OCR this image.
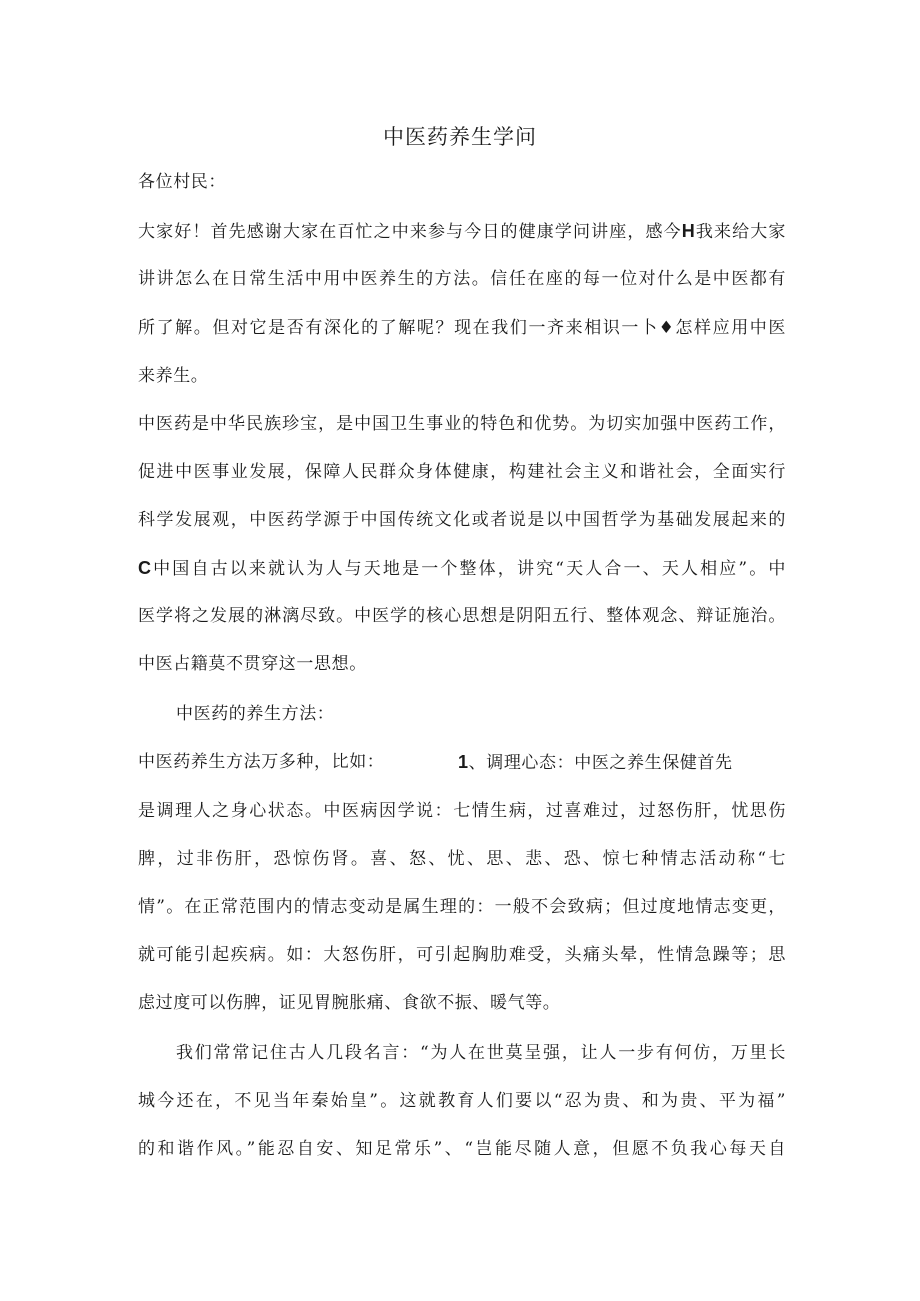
中医药养生学问
各位村民：
大家好！首先感谢大家在百忙之中来参与今日的健康学问讲座，感今H我来给大家
讲讲怎么在日常生活中用中医养生的方法。信任在座的每一位对什么是中医都有
所了解。但对它是否有深化的了解呢？现在我们一齐来相识一卜♦怎样应用中医
来养生。
中医药是中华民族珍宝，是中国卫生事业的特色和优势。为切实加强中医药工作，
促进中医事业发展，保障人民群众身体健康，构建社会主义和谐社会，全面实行
科学发展观，中医药学源于中国传统文化或者说是以中国哲学为基础发展起来的
C中国自古以来就认为人与天地是一个整体，讲究“天人合一、天人相应”。中
医学将之发展的淋漓尽致。中医学的核心思想是阴阳五行、整体观念、辩证施治。
中医占籍莫不贯穿这一思想。
中医药的养生方法：
中医药养生方法万多种，比如：	1、调理心态：中医之养生保健首先
是调理人之身心状态。中医病因学说：七情生病，过喜难过，过怒伤肝，忧思伤
脾，过非伤肝，恐惊伤肾。喜、怒、忧、思、悲、恐、惊七种情志活动称“七
情”。在正常范围内的情志变动是属生理的：一般不会致病；但过度地情志变更，
就可能引起疾病。如：大怒伤肝，可引起胸肋难受，头痛头晕，性情急躁等；思
虑过度可以伤脾，证见胃腕胀痛、食欲不振、暖气等。
我们常常记住古人几段名言：“为人在世莫呈强，让人一步有何仿，万里长
城今还在，不见当年秦始皇”。这就教育人们要以“忍为贵、和为贵、平为福”
的和谐作风。”能忍自安、知足常乐”、“岂能尽随人意，但愿不负我心每天自
